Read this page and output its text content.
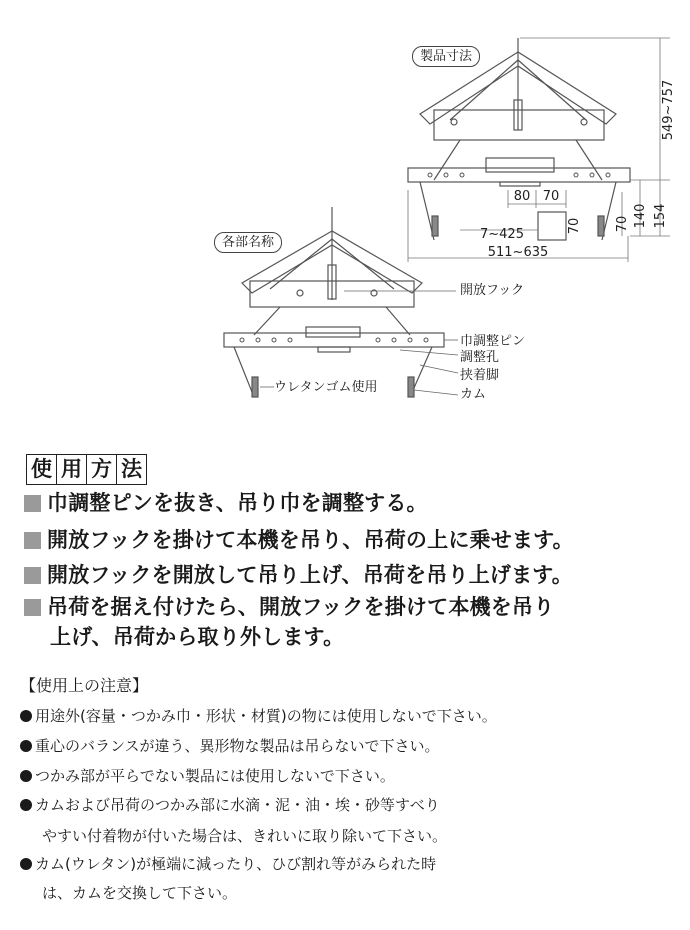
549~757
154
140
70
70
80 70
7~425
511~635
製品寸法
各部名称
開放フック
巾調整ピン
調整孔
挟着脚
カム
ウレタンゴム使用
使 用 方 法
巾調整ピンを抜き、吊り巾を調整する。
開放フックを掛けて本機を吊り、吊荷の上に乗せます。
開放フックを開放して吊り上げ、吊荷を吊り上げます。
吊荷を据え付けたら、開放フックを掛けて本機を吊り
上げ、吊荷から取り外します。
【使用上の注意】
用途外(容量・つかみ巾・形状・材質)の物には使用しないで下さい。
重心のバランスが違う、異形物な製品は吊らないで下さい。
つかみ部が平らでない製品には使用しないで下さい。
カムおよび吊荷のつかみ部に水滴・泥・油・埃・砂等すべり
やすい付着物が付いた場合は、きれいに取り除いて下さい。
カム(ウレタン)が極端に減ったり、ひび割れ等がみられた時
は、カムを交換して下さい。
